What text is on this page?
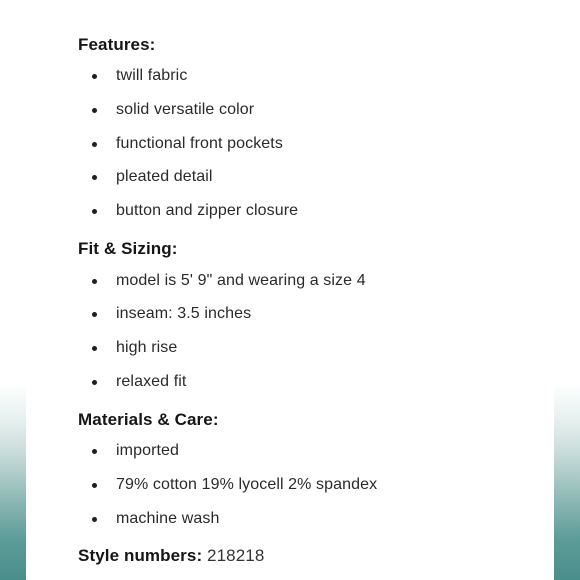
Features:
twill fabric
solid versatile color
functional front pockets
pleated detail
button and zipper closure
Fit & Sizing:
model is 5' 9" and wearing a size 4
inseam: 3.5 inches
high rise
relaxed fit
Materials & Care:
imported
79% cotton 19% lyocell 2% spandex
machine wash
Style numbers: 218218
